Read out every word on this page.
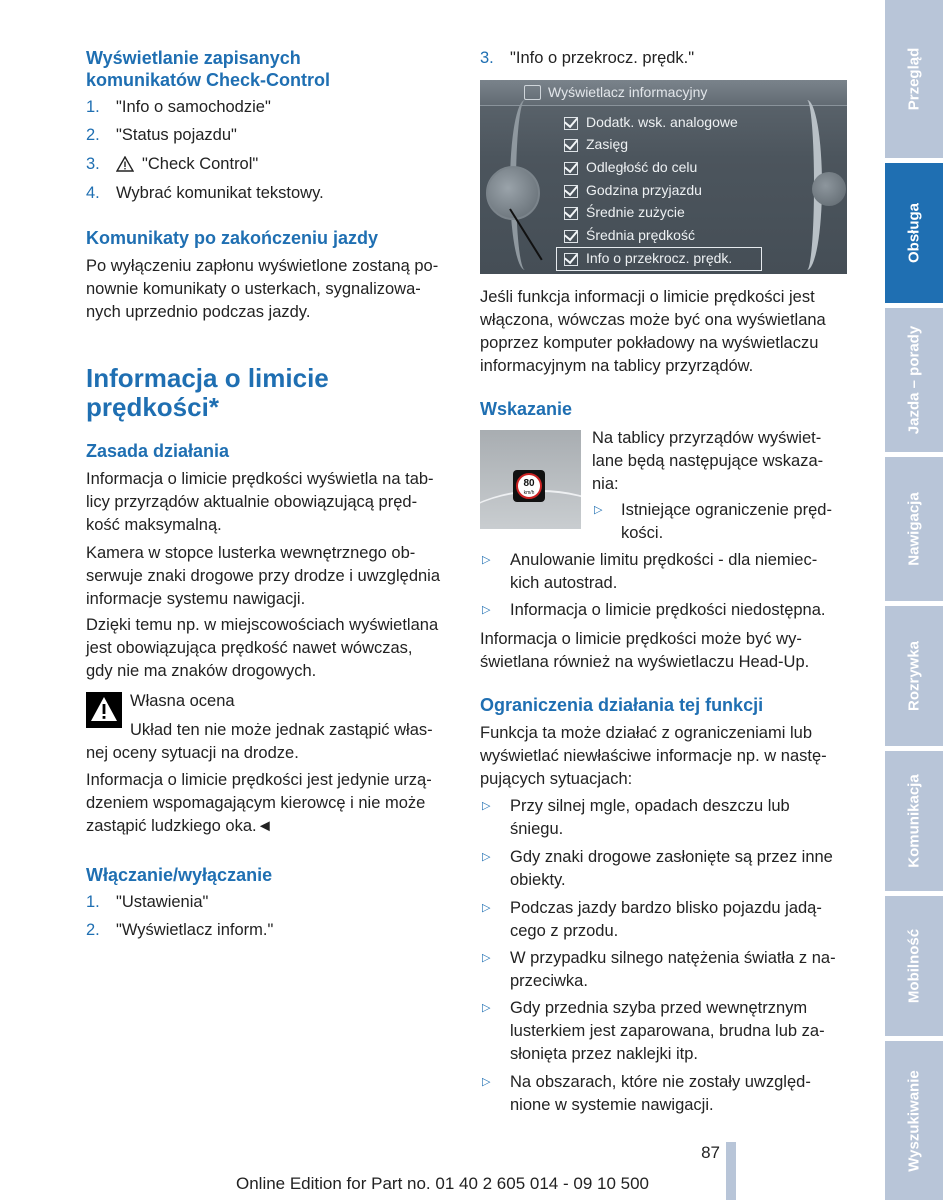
Wyświetlanie zapisanych
komunikatów Check-Control
1. "Info o samochodzie"
2. "Status pojazdu"
3.	"Check Control"
4. Wybrać komunikat tekstowy.
Komunikaty po zakończeniu jazdy
Po wyłączeniu zapłonu wyświetlone zostaną po-
nownie komunikaty o usterkach, sygnalizowa-
nych uprzednio podczas jazdy.
Informacja o limicie
prędkości*
Zasada działania
Informacja o limicie prędkości wyświetla na tab-
licy przyrządów aktualnie obowiązującą pręd-
kość maksymalną.
Kamera w stopce lusterka wewnętrznego ob-
serwuje znaki drogowe przy drodze i uwzględnia
informacje systemu nawigacji.
Dzięki temu np. w miejscowościach wyświetlana
jest obowiązująca prędkość nawet wówczas,
gdy nie ma znaków drogowych.
Własna ocena
Układ ten nie może jednak zastąpić włas-
nej oceny sytuacji na drodze.
Informacja o limicie prędkości jest jedynie urzą-
dzeniem wspomagającym kierowcę i nie może
zastąpić ludzkiego oka.◄
Włączanie/wyłączanie
1. "Ustawienia"
2. "Wyświetlacz inform."
3. "Info o przekrocz. prędk."
Wyświetlacz informacyjny
Dodatk. wsk. analogowe
Zasięg
Odległość do celu
Godzina przyjazdu
Średnie zużycie
Średnia prędkość
Info o przekrocz. prędk.
Jeśli funkcja informacji o limicie prędkości jest
włączona, wówczas może być ona wyświetlana
poprzez komputer pokładowy na wyświetlaczu
informacyjnym na tablicy przyrządów.
Wskazanie
80
km/h
Na tablicy przyrządów wyświet-
lane będą następujące wskaza-
nia:
▷ Istniejące ograniczenie pręd-
kości.
▷ Anulowanie limitu prędkości - dla niemiec-
kich autostrad.
▷ Informacja o limicie prędkości niedostępna.
Informacja o limicie prędkości może być wy-
świetlana również na wyświetlaczu Head-Up.
Ograniczenia działania tej funkcji
Funkcja ta może działać z ograniczeniami lub
wyświetlać niewłaściwe informacje np. w nastę-
pujących sytuacjach:
▷ Przy silnej mgle, opadach deszczu lub
śniegu.
▷ Gdy znaki drogowe zasłonięte są przez inne
obiekty.
▷ Podczas jazdy bardzo blisko pojazdu jadą-
cego z przodu.
▷ W przypadku silnego natężenia światła z na-
przeciwka.
▷ Gdy przednia szyba przed wewnętrznym
lusterkiem jest zaparowana, brudna lub za-
słonięta przez naklejki itp.
▷ Na obszarach, które nie zostały uwzględ-
nione w systemie nawigacji.
Przegląd
Obsługa
Jazda – porady
Nawigacja
Rozrywka
Komunikacja
Mobilność
Wyszukiwanie
87
Online Edition for Part no. 01 40 2 605 014 - 09 10 500
